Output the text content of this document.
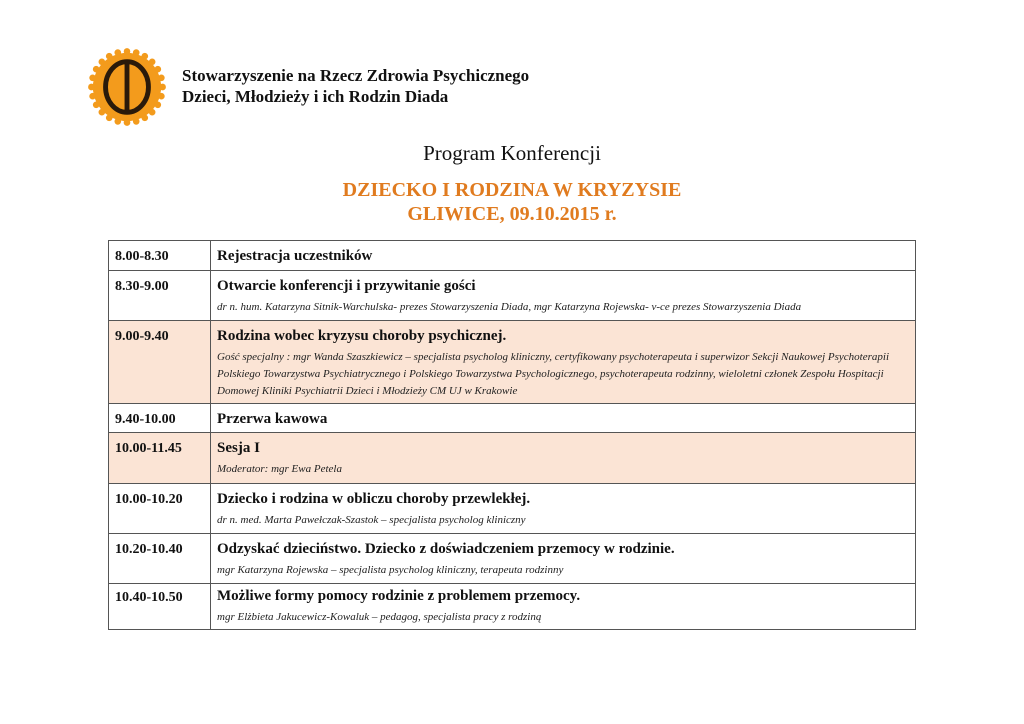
Stowarzyszenie na Rzecz Zdrowia Psychicznego
Dzieci, Młodzieży i ich Rodzin Diada
Program Konferencji
DZIECKO I RODZINA W KRYZYSIE
GLIWICE, 09.10.2015 r.
8.00-8.30	Rejestracja uczestników

8.30-9.00	Otwarcie konferencji i przywitanie gości
dr n. hum. Katarzyna Sitnik-Warchulska- prezes Stowarzyszenia Diada, mgr Katarzyna Rojewska- v-ce prezes Stowarzyszenia Diada

9.00-9.40	Rodzina wobec kryzysu choroby psychicznej.
Gość specjalny : mgr Wanda Szaszkiewicz – specjalista psycholog kliniczny, certyfikowany psychoterapeuta i superwizor Sekcji Naukowej Psychoterapii Polskiego Towarzystwa Psychiatrycznego i Polskiego Towarzystwa Psychologicznego, psychoterapeuta rodzinny, wieloletni członek Zespołu Hospitacji Domowej Kliniki Psychiatrii Dzieci i Młodzieży CM UJ w Krakowie

9.40-10.00	Przerwa kawowa

10.00-11.45	Sesja I
Moderator: mgr Ewa Petela

10.00-10.20	Dziecko i rodzina w obliczu choroby przewlekłej.
dr n. med. Marta Pawełczak-Szastok – specjalista psycholog kliniczny

10.20-10.40	Odzyskać dzieciństwo. Dziecko z doświadczeniem przemocy w rodzinie.
mgr Katarzyna Rojewska – specjalista psycholog kliniczny, terapeuta rodzinny

10.40-10.50	Możliwe formy pomocy rodzinie z problemem przemocy.
mgr Elżbieta Jakucewicz-Kowaluk – pedagog, specjalista pracy z rodziną
